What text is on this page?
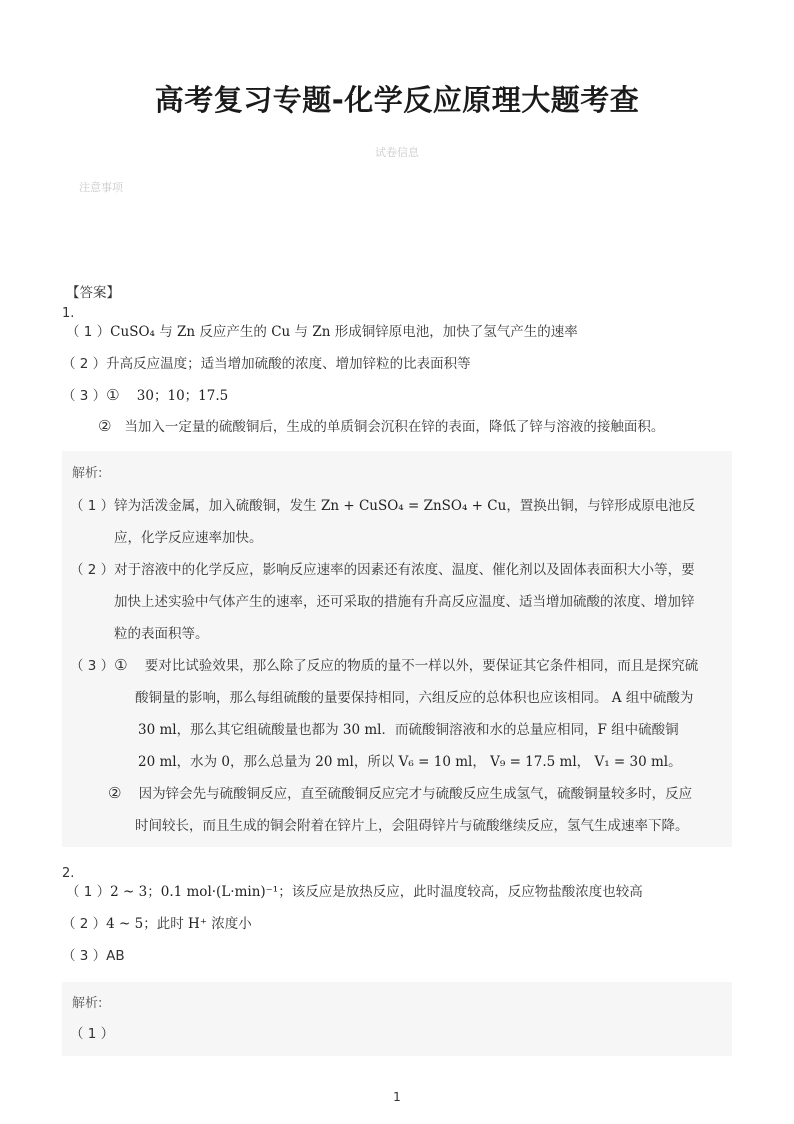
高考复习专题-化学反应原理大题考查
试卷信息
注意事项
【答案】
1.
（ 1 ）CuSO₄ 与 Zn 反应产生的 Cu 与 Zn 形成铜锌原电池，加快了氢气产生的速率
（ 2 ）升高反应温度；适当增加硫酸的浓度、增加锌粒的比表面积等
（ 3 ）① 30；10；17.5
② 当加入一定量的硫酸铜后，生成的单质铜会沉积在锌的表面，降低了锌与溶液的接触面积。
解析:
（ 1 ）锌为活泼金属，加入硫酸铜，发生 Zn + CuSO₄ = ZnSO₄ + Cu，置换出铜，与锌形成原电池反
应，化学反应速率加快。
（ 2 ）对于溶液中的化学反应，影响反应速率的因素还有浓度、温度、催化剂以及固体表面积大小等，要
加快上述实验中气体产生的速率，还可采取的措施有升高反应温度、适当增加硫酸的浓度、增加锌
粒的表面积等。
（ 3 ）① 要对比试验效果，那么除了反应的物质的量不一样以外，要保证其它条件相同，而且是探究硫
酸铜量的影响，那么每组硫酸的量要保持相同，六组反应的总体积也应该相同。 A 组中硫酸为
30 ml，那么其它组硫酸量也都为 30 ml．而硫酸铜溶液和水的总量应相同，F 组中硫酸铜
20 ml，水为 0，那么总量为 20 ml，所以 V₆ = 10 ml， V₉ = 17.5 ml， V₁ = 30 ml。
② 因为锌会先与硫酸铜反应，直至硫酸铜反应完才与硫酸反应生成氢气，硫酸铜量较多时，反应
时间较长，而且生成的铜会附着在锌片上，会阻碍锌片与硫酸继续反应，氢气生成速率下降。
2.
（ 1 ）2 ~ 3；0.1 mol·(L·min)⁻¹；该反应是放热反应，此时温度较高，反应物盐酸浓度也较高
（ 2 ）4 ~ 5；此时 H⁺ 浓度小
（ 3 ）AB
解析:
（ 1 ）
1
